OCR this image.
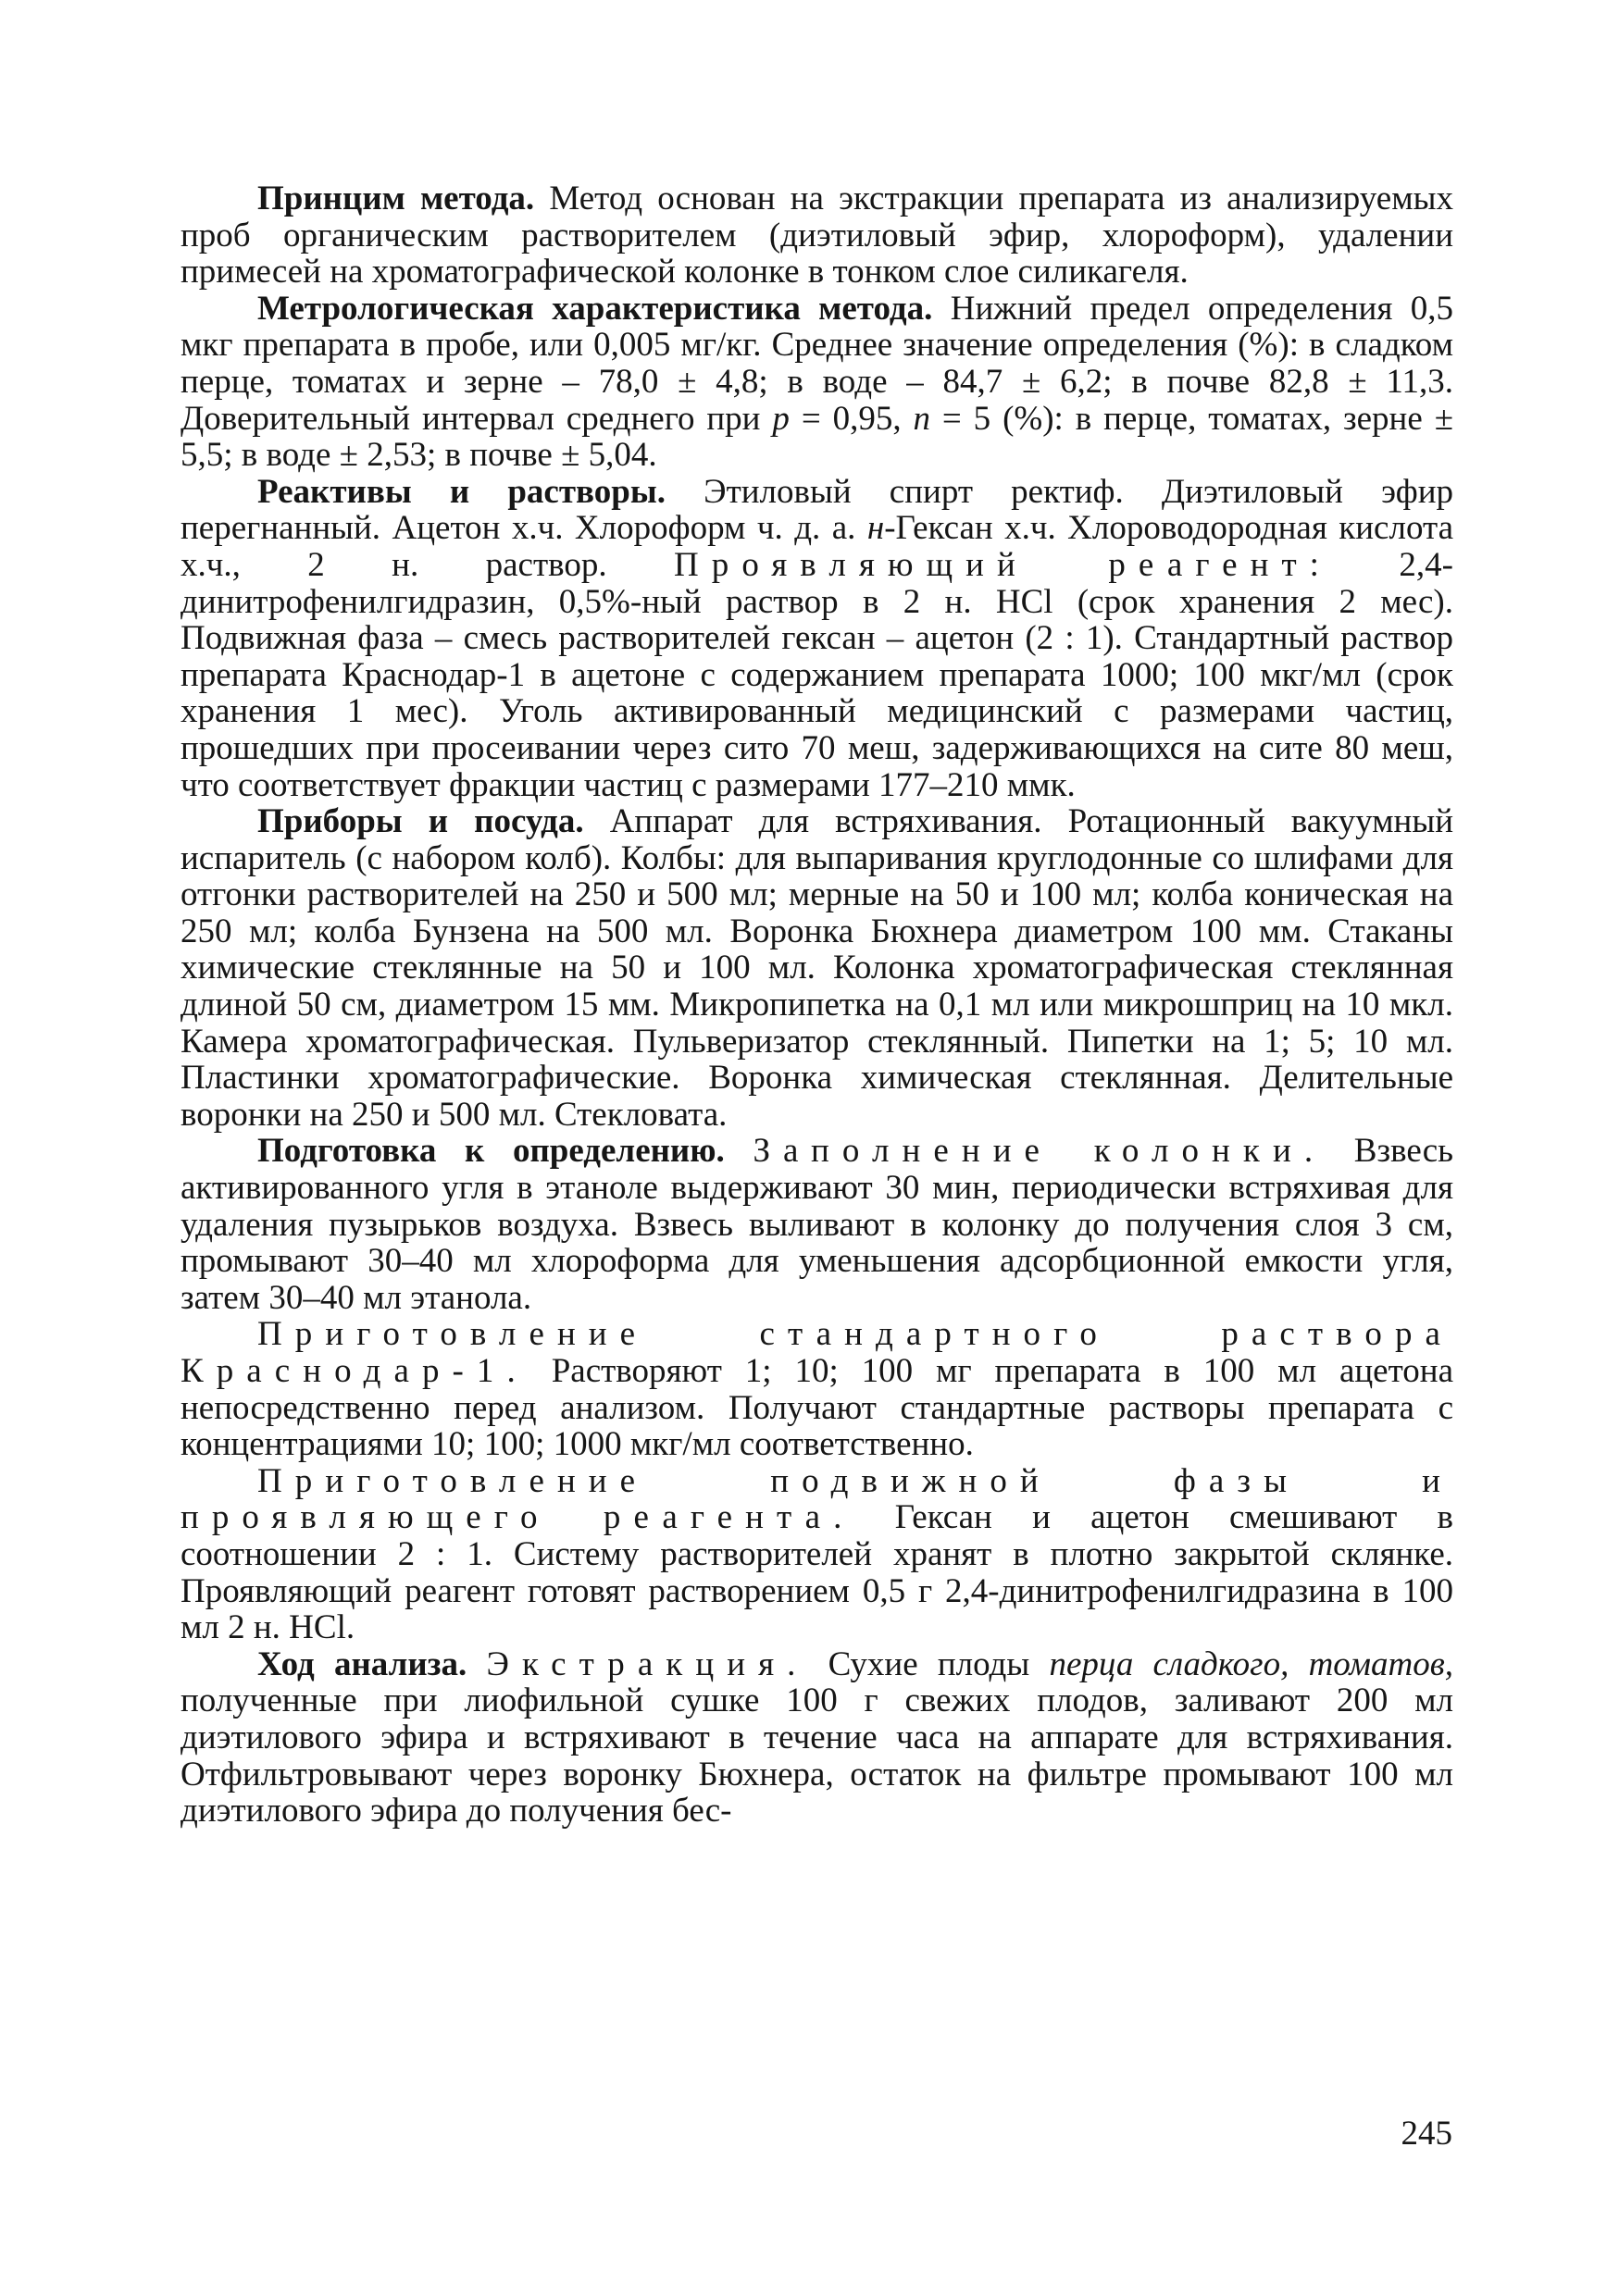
Принцим метода. Метод основан на экстракции препарата из анализируемых проб органическим растворителем (диэтиловый эфир, хлороформ), удалении примесей на хроматографической колонке в тонком слое силикагеля.

Метрологическая характеристика метода. Нижний предел определения 0,5 мкг препарата в пробе, или 0,005 мг/кг. Среднее значение определения (%): в сладком перце, томатах и зерне – 78,0 ± 4,8; в воде – 84,7 ± 6,2; в почве 82,8 ± 11,3. Доверительный интервал среднего при p = 0,95, n = 5 (%): в перце, томатах, зерне ± 5,5; в воде ± 2,53; в почве ± 5,04.

Реактивы и растворы. Этиловый спирт ректиф. Диэтиловый эфир перегнанный. Ацетон х.ч. Хлороформ ч. д. а. н-Гексан х.ч. Хлороводородная кислота х.ч., 2 н. раствор. Проявляющий реагент: 2,4-динитрофенилгидразин, 0,5%-ный раствор в 2 н. HCl (срок хранения 2 мес). Подвижная фаза – смесь растворителей гексан – ацетон (2 : 1). Стандартный раствор препарата Краснодар-1 в ацетоне с содержанием препарата 1000; 100 мкг/мл (срок хранения 1 мес). Уголь активированный медицинский с размерами частиц, прошедших при просеивании через сито 70 меш, задерживающихся на сите 80 меш, что соответствует фракции частиц с размерами 177–210 ммк.

Приборы и посуда. Аппарат для встряхивания. Ротационный вакуумный испаритель (с набором колб). Колбы: для выпаривания круглодонные со шлифами для отгонки растворителей на 250 и 500 мл; мерные на 50 и 100 мл; колба коническая на 250 мл; колба Бунзена на 500 мл. Воронка Бюхнера диаметром 100 мм. Стаканы химические стеклянные на 50 и 100 мл. Колонка хроматографическая стеклянная длиной 50 см, диаметром 15 мм. Микропипетка на 0,1 мл или микрошприц на 10 мкл. Камера хроматографическая. Пульверизатор стеклянный. Пипетки на 1; 5; 10 мл. Пластинки хроматографические. Воронка химическая стеклянная. Делительные воронки на 250 и 500 мл. Стекловата.

Подготовка к определению. Заполнение колонки. Взвесь активированного угля в этаноле выдерживают 30 мин, периодически встряхивая для удаления пузырьков воздуха. Взвесь выливают в колонку до получения слоя 3 см, промывают 30–40 мл хлороформа для уменьшения адсорбционной емкости угля, затем 30–40 мл этанола.

Приготовление стандартного раствора Краснодар-1. Растворяют 1; 10; 100 мг препарата в 100 мл ацетона непосредственно перед анализом. Получают стандартные растворы препарата с концентрациями 10; 100; 1000 мкг/мл соответственно.

Приготовление подвижной фазы и проявляющего реагента. Гексан и ацетон смешивают в соотношении 2 : 1. Систему растворителей хранят в плотно закрытой склянке. Проявляющий реагент готовят растворением 0,5 г 2,4-динитрофенилгидразина в 100 мл 2 н. HCl.

Ход анализа. Экстракция. Сухие плоды перца сладкого, томатов, полученные при лиофильной сушке 100 г свежих плодов, заливают 200 мл диэтилового эфира и встряхивают в течение часа на аппарате для встряхивания. Отфильтровывают через воронку Бюхнера, остаток на фильтре промывают 100 мл диэтилового эфира до получения бес-

245
